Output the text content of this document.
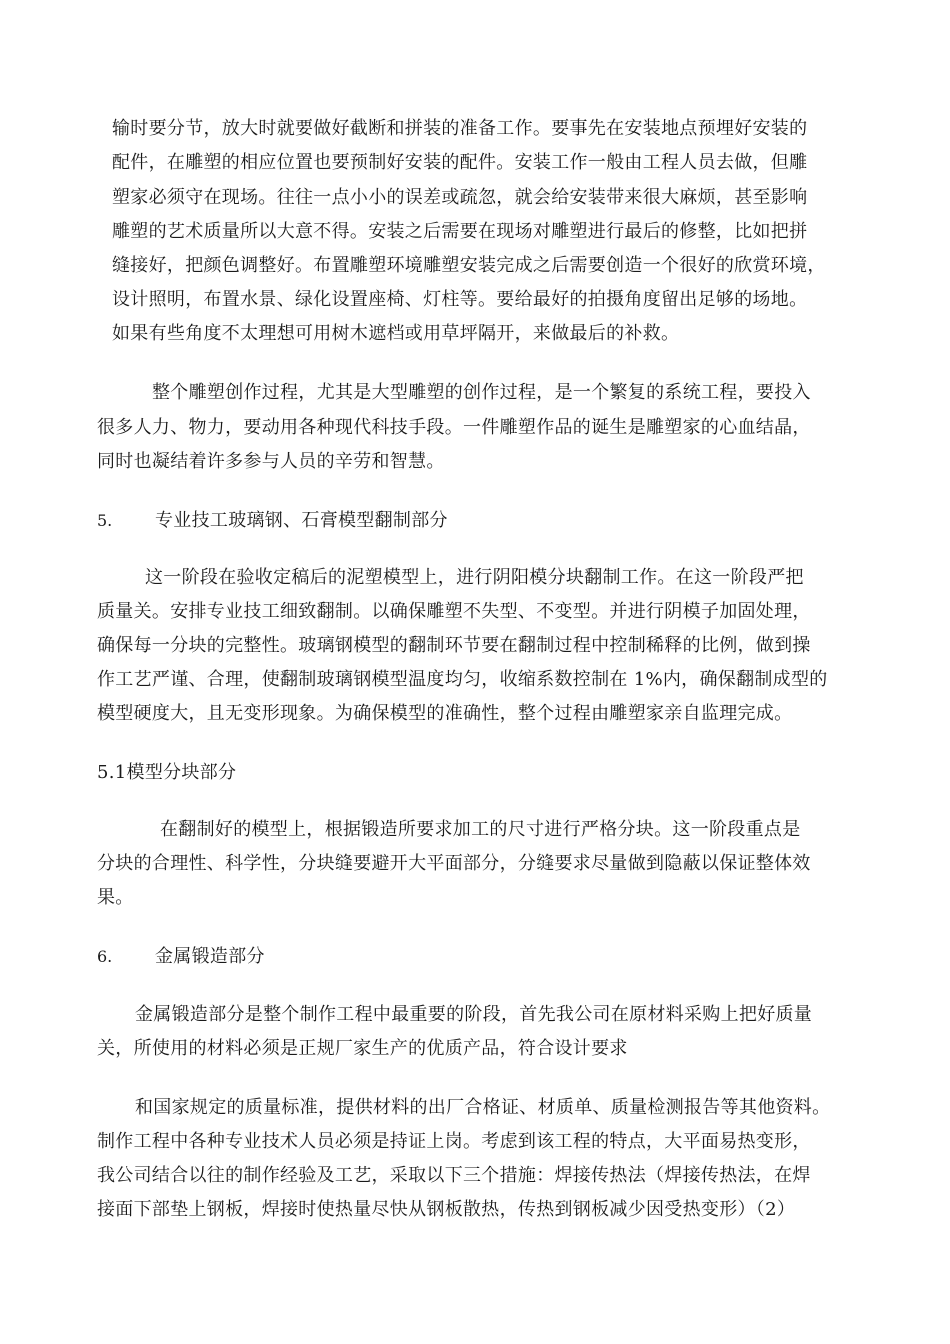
输时要分节，放大时就要做好截断和拼装的准备工作。要事先在安装地点预埋好安装的
配件，在雕塑的相应位置也要预制好安装的配件。安装工作一般由工程人员去做，但雕
塑家必须守在现场。往往一点小小的误差或疏忽，就会给安装带来很大麻烦，甚至影响
雕塑的艺术质量所以大意不得。安装之后需要在现场对雕塑进行最后的修整，比如把拼
缝接好，把颜色调整好。布置雕塑环境雕塑安装完成之后需要创造一个很好的欣赏环境，
设计照明，布置水景、绿化设置座椅、灯柱等。要给最好的拍摄角度留出足够的场地。
如果有些角度不太理想可用树木遮档或用草坪隔开，来做最后的补救。
整个雕塑创作过程，尤其是大型雕塑的创作过程，是一个繁复的系统工程，要投入
很多人力、物力，要动用各种现代科技手段。一件雕塑作品的诞生是雕塑家的心血结晶，
同时也凝结着许多参与人员的辛劳和智慧。
5. 专业技工玻璃钢、石膏模型翻制部分
这一阶段在验收定稿后的泥塑模型上，进行阴阳模分块翻制工作。在这一阶段严把
质量关。安排专业技工细致翻制。以确保雕塑不失型、不变型。并进行阴模子加固处理，
确保每一分块的完整性。玻璃钢模型的翻制环节要在翻制过程中控制稀释的比例，做到操
作工艺严谨、合理，使翻制玻璃钢模型温度均匀，收缩系数控制在 1%内，确保翻制成型的
模型硬度大，且无变形现象。为确保模型的准确性，整个过程由雕塑家亲自监理完成。
5.1模型分块部分
在翻制好的模型上，根据锻造所要求加工的尺寸进行严格分块。这一阶段重点是
分块的合理性、科学性，分块缝要避开大平面部分，分缝要求尽量做到隐蔽以保证整体效
果。
6. 金属锻造部分
金属锻造部分是整个制作工程中最重要的阶段，首先我公司在原材料采购上把好质量
关，所使用的材料必须是正规厂家生产的优质产品，符合设计要求
和国家规定的质量标准，提供材料的出厂合格证、材质单、质量检测报告等其他资料。
制作工程中各种专业技术人员必须是持证上岗。考虑到该工程的特点，大平面易热变形，
我公司结合以往的制作经验及工艺，采取以下三个措施：焊接传热法（焊接传热法，在焊
接面下部垫上钢板，焊接时使热量尽快从钢板散热，传热到钢板减少因受热变形）（2）
